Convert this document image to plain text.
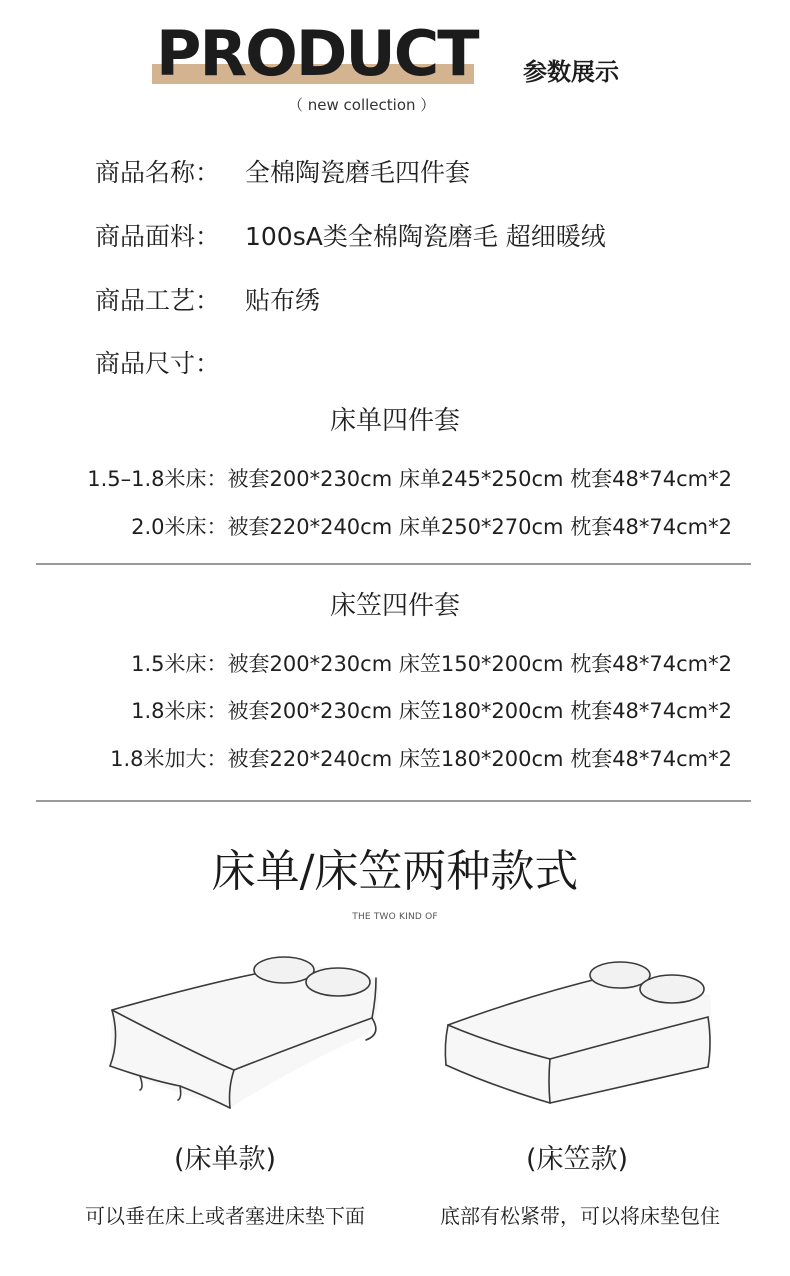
PRODUCT 参数展示
（ new collection ）
商品名称： 全棉陶瓷磨毛四件套
商品面料： 100sA类全棉陶瓷磨毛 超细暖绒
商品工艺： 贴布绣
商品尺寸：
床单四件套
1.5–1.8米床：被套200*230cm 床单245*250cm 枕套48*74cm*2
2.0米床：被套220*240cm 床单250*270cm 枕套48*74cm*2
床笠四件套
1.5米床：被套200*230cm 床笠150*200cm 枕套48*74cm*2
1.8米床：被套200*230cm 床笠180*200cm 枕套48*74cm*2
1.8米加大：被套220*240cm 床笠180*200cm 枕套48*74cm*2
床单/床笠两种款式
THE TWO KIND OF
(床单款)	(床笠款)
可以垂在床上或者塞进床垫下面	底部有松紧带，可以将床垫包住
